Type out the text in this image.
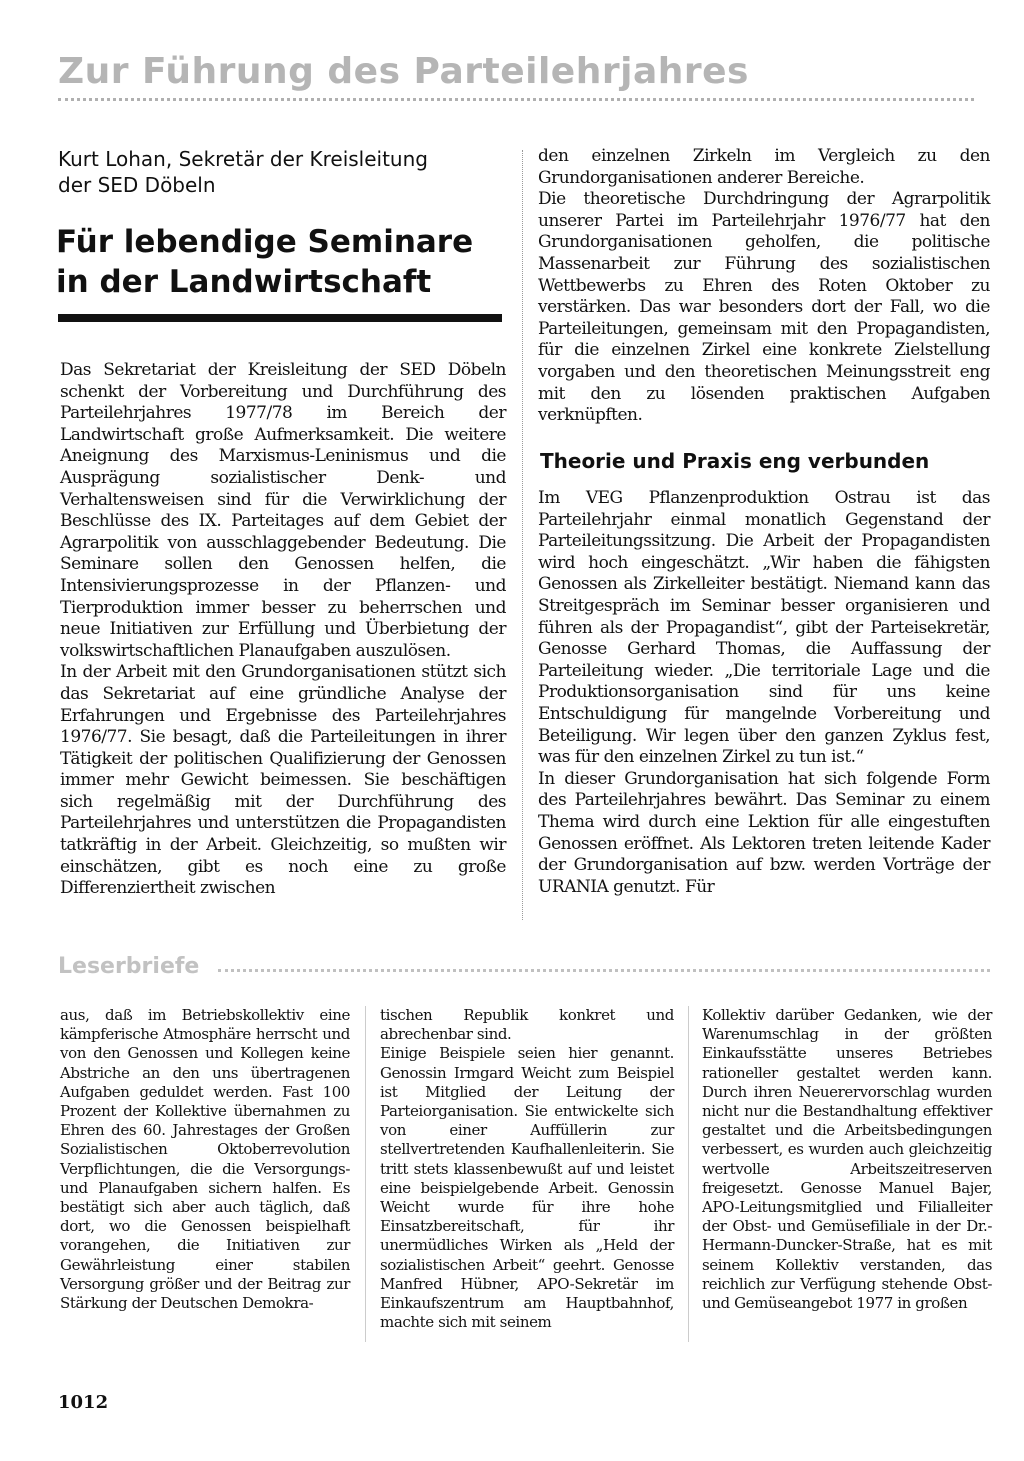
Zur Führung des Parteilehrjahres
Kurt Lohan, Sekretär der Kreisleitung
der SED Döbeln
Für lebendige Seminare
in der Landwirtschaft

Das Sekretariat der Kreisleitung der SED Döbeln schenkt der Vorbereitung und Durchführung des Parteilehrjahres 1977/78 im Bereich der Landwirtschaft große Aufmerksamkeit. Die weitere Aneignung des Marxismus-Leninismus und die Ausprägung sozialistischer Denk- und Verhaltensweisen sind für die Verwirklichung der Beschlüsse des IX. Parteitages auf dem Gebiet der Agrarpolitik von ausschlaggebender Bedeutung. Die Seminare sollen den Genossen helfen, die Intensivierungsprozesse in der Pflanzen- und Tierproduktion immer besser zu beherrschen und neue Initiativen zur Erfüllung und Überbietung der volkswirtschaftlichen Planaufgaben auszulösen.

In der Arbeit mit den Grundorganisationen stützt sich das Sekretariat auf eine gründliche Analyse der Erfahrungen und Ergebnisse des Parteilehrjahres 1976/77. Sie besagt, daß die Parteileitungen in ihrer Tätigkeit der politischen Qualifizierung der Genossen immer mehr Gewicht beimessen. Sie beschäftigen sich regelmäßig mit der Durchführung des Parteilehrjahres und unterstützen die Propagandisten tatkräftig in der Arbeit. Gleichzeitig, so mußten wir einschätzen, gibt es noch eine zu große Differenziertheit zwischen

den einzelnen Zirkeln im Vergleich zu den Grundorganisationen anderer Bereiche.

Die theoretische Durchdringung der Agrarpolitik unserer Partei im Parteilehrjahr 1976/77 hat den Grundorganisationen geholfen, die politische Massenarbeit zur Führung des sozialistischen Wettbewerbs zu Ehren des Roten Oktober zu verstärken. Das war besonders dort der Fall, wo die Parteileitungen, gemeinsam mit den Propagandisten, für die einzelnen Zirkel eine konkrete Zielstellung vorgaben und den theoretischen Meinungsstreit eng mit den zu lösenden praktischen Aufgaben verknüpften.

Theorie und Praxis eng verbunden

Im VEG Pflanzenproduktion Ostrau ist das Parteilehrjahr einmal monatlich Gegenstand der Parteileitungssitzung. Die Arbeit der Propagandisten wird hoch eingeschätzt. „Wir haben die fähigsten Genossen als Zirkelleiter bestätigt. Niemand kann das Streitgespräch im Seminar besser organisieren und führen als der Propagandist“, gibt der Parteisekretär, Genosse Gerhard Thomas, die Auffassung der Parteileitung wieder. „Die territoriale Lage und die Produktionsorganisation sind für uns keine Entschuldigung für mangelnde Vorbereitung und Beteiligung. Wir legen über den ganzen Zyklus fest, was für den einzelnen Zirkel zu tun ist.“

In dieser Grundorganisation hat sich folgende Form des Parteilehrjahres bewährt. Das Seminar zu einem Thema wird durch eine Lektion für alle eingestuften Genossen eröffnet. Als Lektoren treten leitende Kader der Grundorganisation auf bzw. werden Vorträge der URANIA genutzt. Für

Leserbriefe

aus, daß im Betriebskollektiv eine kämpferische Atmosphäre herrscht und von den Genossen und Kollegen keine Abstriche an den uns übertragenen Aufgaben geduldet werden. Fast 100 Prozent der Kollektive übernahmen zu Ehren des 60. Jahrestages der Großen Sozialistischen Oktoberrevolution Verpflichtungen, die die Versorgungs- und Planaufgaben sichern halfen. Es bestätigt sich aber auch täglich, daß dort, wo die Genossen beispielhaft vorangehen, die Initiativen zur Gewährleistung einer stabilen Versorgung größer und der Beitrag zur Stärkung der Deutschen Demokra-

tischen Republik konkret und abrechenbar sind.

Einige Beispiele seien hier genannt. Genossin Irmgard Weicht zum Beispiel ist Mitglied der Leitung der Parteiorganisation. Sie entwickelte sich von einer Auffüllerin zur stellvertretenden Kaufhallenleiterin. Sie tritt stets klassenbewußt auf und leistet eine beispielgebende Arbeit. Genossin Weicht wurde für ihre hohe Einsatzbereitschaft, für ihr unermüdliches Wirken als „Held der sozialistischen Arbeit“ geehrt. Genosse Manfred Hübner, APO-Sekretär im Einkaufszentrum am Hauptbahnhof, machte sich mit seinem

Kollektiv darüber Gedanken, wie der Warenumschlag in der größten Einkaufsstätte unseres Betriebes rationeller gestaltet werden kann. Durch ihren Neuerervorschlag wurden nicht nur die Bestandhaltung effektiver gestaltet und die Arbeitsbedingungen verbessert, es wurden auch gleichzeitig wertvolle Arbeitszeitreserven freigesetzt. Genosse Manuel Bajer, APO-Leitungsmitglied und Filialleiter der Obst- und Gemüsefiliale in der Dr.-Hermann-Duncker-Straße, hat es mit seinem Kollektiv verstanden, das reichlich zur Verfügung stehende Obst- und Gemüseangebot 1977 in großen

1012
